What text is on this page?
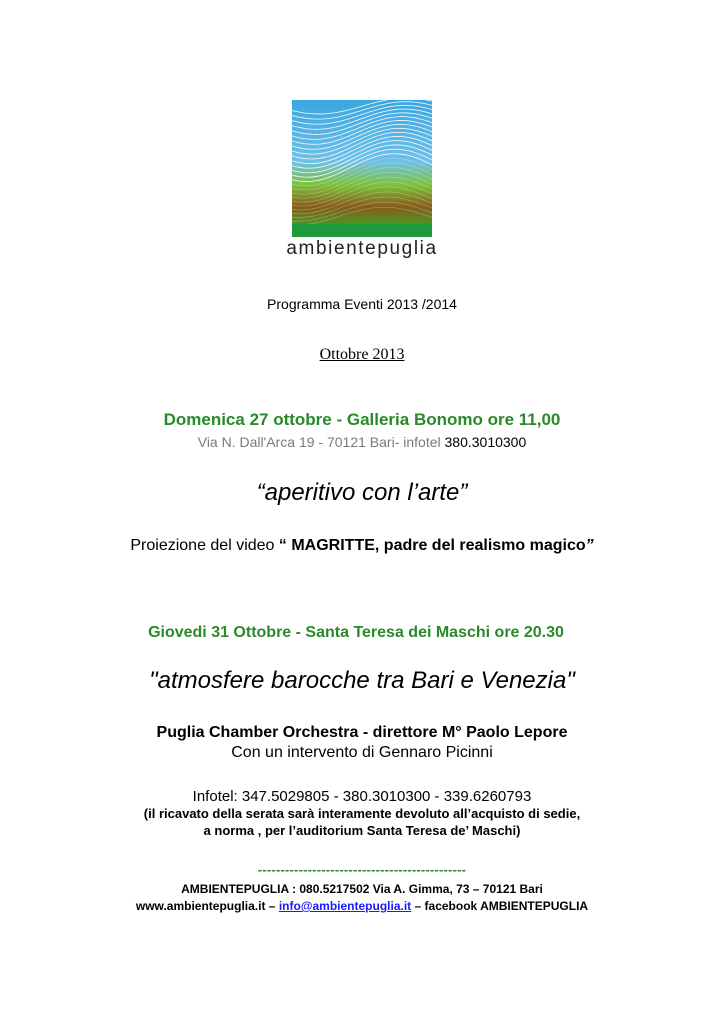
ambientepuglia
Programma Eventi 2013 /2014
Ottobre 2013
Domenica 27 ottobre - Galleria Bonomo ore 11,00
Via N. Dall'Arca 19 - 70121 Bari- infotel 380.3010300
“aperitivo con l’arte”
Proiezione del video “ MAGRITTE, padre del realismo magico”
Giovedi 31 Ottobre - Santa Teresa dei Maschi ore 20.30
"atmosfere barocche tra Bari e Venezia"
Puglia Chamber Orchestra - direttore M° Paolo Lepore
Con un intervento di Gennaro Picinni
Infotel: 347.5029805 - 380.3010300 - 339.6260793
(il ricavato della serata sarà interamente devoluto all’acquisto di sedie,
a norma , per l’auditorium Santa Teresa de’ Maschi)
----------------------------------------------
AMBIENTEPUGLIA : 080.5217502 Via A. Gimma, 73 – 70121 Bari
www.ambientepuglia.it – info@ambientepuglia.it – facebook AMBIENTEPUGLIA
